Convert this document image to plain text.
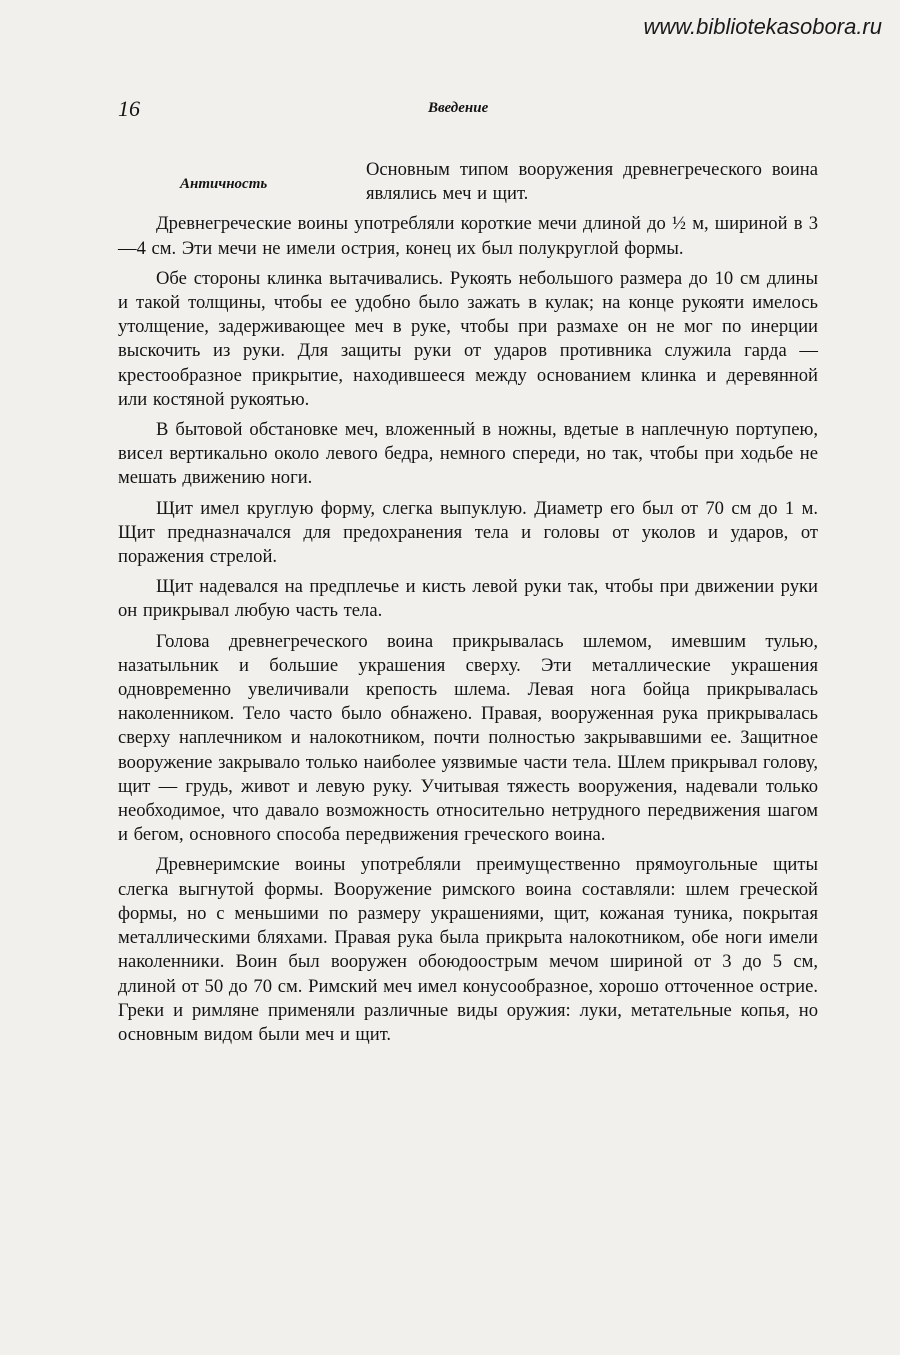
www.bibliotekasobora.ru
16	Введение
Античность

Основным типом вооружения древнегреческого воина являлись меч и щит.

Древнегреческие воины употребляли короткие мечи длиной до ½ м, шириной в 3—4 см. Эти мечи не имели острия, конец их был полукруглой формы.

Обе стороны клинка вытачивались. Рукоять небольшого размера до 10 см длины и такой толщины, чтобы ее удобно было зажать в кулак; на конце рукояти имелось утолщение, задерживающее меч в руке, чтобы при размахе он не мог по инерции выскочить из руки. Для защиты руки от ударов противника служила гарда — крестообразное прикрытие, находившееся между основанием клинка и деревянной или костяной рукоятью.

В бытовой обстановке меч, вложенный в ножны, вдетые в наплечную портупею, висел вертикально около левого бедра, немного спереди, но так, чтобы при ходьбе не мешать движению ноги.

Щит имел круглую форму, слегка выпуклую. Диаметр его был от 70 см до 1 м. Щит предназначался для предохранения тела и головы от уколов и ударов, от поражения стрелой.

Щит надевался на предплечье и кисть левой руки так, чтобы при движении руки он прикрывал любую часть тела.

Голова древнегреческого воина прикрывалась шлемом, имевшим тулью, назатыльник и большие украшения сверху. Эти металлические украшения одновременно увеличивали крепость шлема. Левая нога бойца прикрывалась наколенником. Тело часто было обнажено. Правая, вооруженная рука прикрывалась сверху наплечником и налокотником, почти полностью закрывавшими ее. Защитное вооружение закрывало только наиболее уязвимые части тела. Шлем прикрывал голову, щит — грудь, живот и левую руку. Учитывая тяжесть вооружения, надевали только необходимое, что давало возможность относительно нетрудного передвижения шагом и бегом, основного способа передвижения греческого воина.

Древнеримские воины употребляли преимущественно прямоугольные щиты слегка выгнутой формы. Вооружение римского воина составляли: шлем греческой формы, но с меньшими по размеру украшениями, щит, кожаная туника, покрытая металлическими бляхами. Правая рука была прикрыта налокотником, обе ноги имели наколенники. Воин был вооружен обоюдоострым мечом шириной от 3 до 5 см, длиной от 50 до 70 см. Римский меч имел конусообразное, хорошо отточенное острие. Греки и римляне применяли различные виды оружия: луки, метательные копья, но основным видом были меч и щит.
